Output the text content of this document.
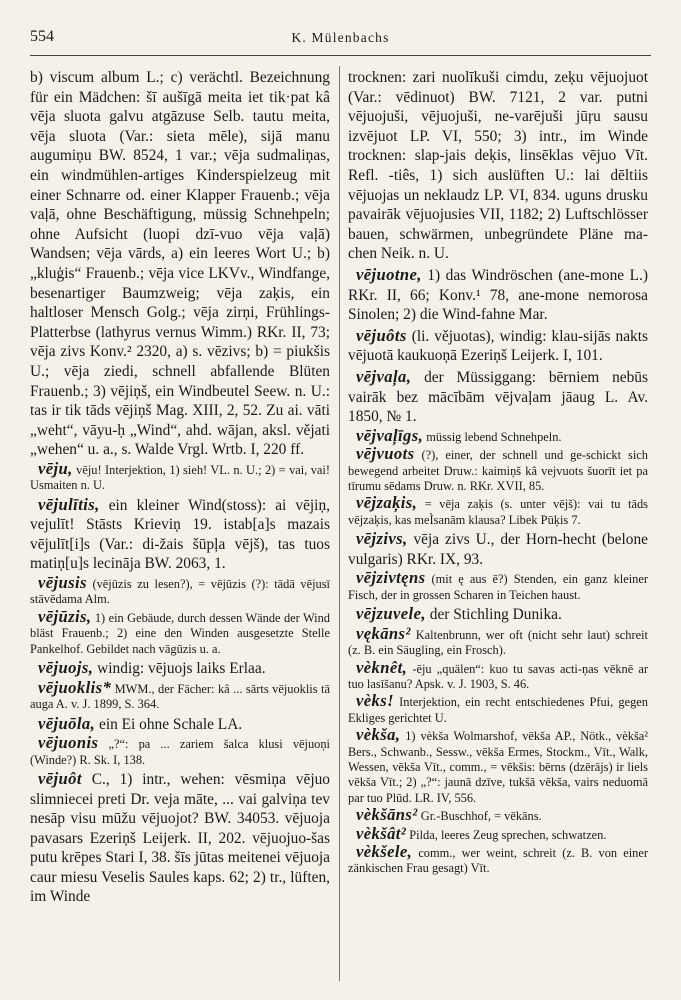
554	K. Mülenbachs
b) viscum album L.; c) verächtl. Bezeichnung für ein Mädchen: šī aušīgā meita iet tik·pat kâ vēja sluota galvu atgāzuse Selb. tautu meita, vēja sluota (Var.: sieta mēle), sijā manu augumiņu BW. 8524, 1 var.; vēja sudmaliņas, ein windmühlen-artiges Kinderspielzeug mit einer Schnarre od. einer Klapper Frauenb.; vēja vaļā, ohne Beschäftigung, müssig Schnehpeln; ohne Aufsicht (luopi dzī-vuo vēja vaļā) Wandsen; vēja vārds, a) ein leeres Wort U.; b) „kluģis“ Frauenb.; vēja vice LKVv., Windfange, besenartiger Baumzweig; vēja zaķis, ein haltloser Mensch Golg.; vēja zirņi, Frühlings-Platterbse (lathyrus vernus Wimm.) RKr. II, 73; vēja zivs Konv.² 2320, a) s. vēzivs; b) = piukšis U.; vēja ziedi, schnell abfallende Blüten Frauenb.; 3) vējiņš, ein Windbeutel Seew. n. U.: tas ir tik tāds vējiņš Mag. XIII, 2, 52. Zu ai. vāti „weht“, vāyu-ḥ „Wind“, ahd. wājan, aksl. vějati „wehen“ u. a., s. Walde Vrgl. Wrtb. I, 220 ff.
vēju, vēju! Interjektion, 1) sieh! VL. n. U.; 2) = vai, vai! Usmaiten n. U.
vējulītis, ein kleiner Wind(stoss): ai vējiņ, vejulīt! Stāsts Krieviņ 19. istab[a]s mazais vējulīt[i]s (Var.: di-žais šūpļa vējš), tas tuos matiņ[u]s lecināja BW. 2063, 1.
vējusis (vējūzis zu lesen?), = vējūzis (?): tādā vējusī stāvēdama Alm.
vējūzis, 1) ein Gebäude, durch dessen Wände der Wind bläst Frauenb.; 2) eine den Winden ausgesetzte Stelle Pankelhof. Gebildet nach vāgūzis u. a.
vējuojs, windig: vējuojs laiks Erlaa.
vējuoklis* MWM., der Fächer: kâ ... sārts vējuoklis tā auga A. v. J. 1899, S. 364.
vējuōla, ein Ei ohne Schale LA.
vējuonis „?“: pa ... zariem šalca klusi vējuoņi (Winde?) R. Sk. I, 138.
vējuôt C., 1) intr., wehen: vēsmiņa vējuo slimniecei preti Dr. veja māte, ... vai galviņa tev nesāp visu mūžu vējuojot? BW. 34053. vējuoja pavasars Ezeriņš Leijerk. II, 202. vējuojuo-šas putu krēpes Stari I, 38. šīs jūtas meitenei vējuoja caur miesu Veselis Saules kaps. 62; 2) tr., lüften, im Winde
trocknen: zari nuolīkuši cimdu, zeķu vējuojuot (Var.: vēdinuot) BW. 7121, 2 var. putni vējuojuši, vējuojuši, ne-varējuši jūŗu sausu izvējuot LP. VI, 550; 3) intr., im Winde trocknen: slap-jais deķis, linsēklas vējuo Vīt. Refl. -tiês, 1) sich auslüften U.: lai dēltiis vējuojas un neklaudz LP. VI, 834. uguns drusku pavairāk vējuojusies VII, 1182; 2) Luftschlösser bauen, schwärmen, unbegründete Pläne ma-chen Neik. n. U.
vējuotne, 1) das Windröschen (ane-mone L.) RKr. II, 66; Konv.¹ 78, ane-mone nemorosa Sinolen; 2) die Wind-fahne Mar.
vējuôts (li. vějuotas), windig: klau-sijās nakts vējuotā kaukuoņā Ezeriņš Leijerk. I, 101.
vējvaļa, der Müssiggang: bērniem nebūs vairāk bez mācībām vējvaļam jāaug L. Av. 1850, № 1.
vējvaļīgs, müssig lebend Schnehpeln.
vējvuots (?), einer, der schnell und ge-schickt sich bewegend arbeitet Druw.: kaimiņš kâ vejvuots šuorīt iet pa tīrumu sēdams Druw. n. RKr. XVII, 85.
vējzaķis, = vēja zaķis (s. unter vējš): vai tu tāds vējzaķis, kas meÌsanām klausa? Libek Pūķis 7.
vējzivs, vēja zivs U., der Horn-hecht (belone vulgaris) RKr. IX, 93.
vējzivtęns (mit ę aus ē?) Stenden, ein ganz kleiner Fisch, der in grossen Scharen in Teichen haust.
vējzuvele, der Stichling Dunika.
vękāns² Kaltenbrunn, wer oft (nicht sehr laut) schreit (z. B. ein Säugling, ein Frosch).
vèknêt, -ēju „quälen“: kuo tu savas acti-ņas vēknē ar tuo lasīšanu? Apsk. v. J. 1903, S. 46.
vèks! Interjektion, ein recht entschiedenes Pfui, gegen Ekliges gerichtet U.
vèkša, 1) vèkša Wolmarshof, vēkša AP., Nötk., vèkša² Bers., Schwanb., Sessw., vēkša Ermes, Stockm., Vīt., Walk, Wessen, vēkša Vīt., comm., = vēkšis: bērns (dzērājs) ir liels vēkša Vīt.; 2) „?“: jaunā dzīve, tukšā vēkša, vairs neduomā par tuo Plūd. LR. IV, 556.
vèkšāns² Gr.-Buschhof, = vēkāns.
vèkšât² Pilda, leeres Zeug sprechen, schwatzen.
vèkšele, comm., wer weint, schreit (z. B. von einer zänkischen Frau gesagt) Vīt.
